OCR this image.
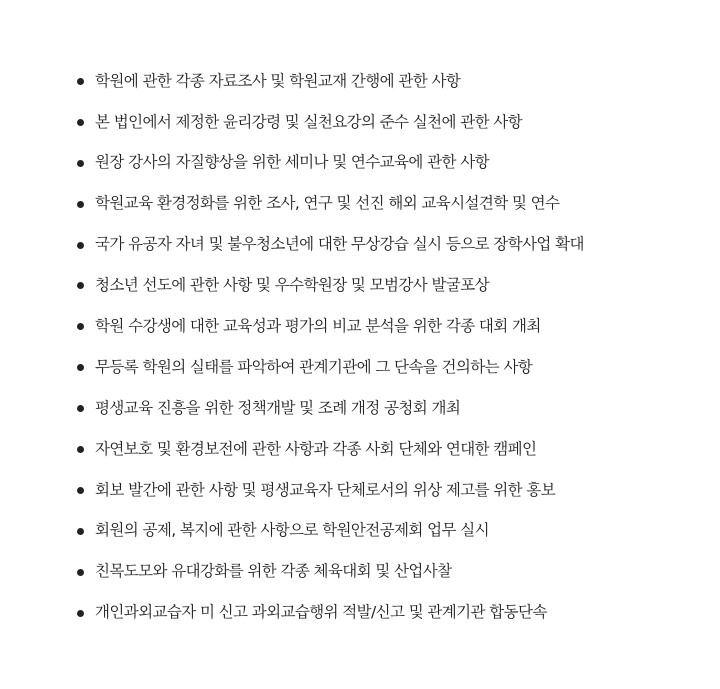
학원에 관한 각종 자료조사 및 학원교재 간행에 관한 사항
본 법인에서 제정한 윤리강령 및 실천요강의 준수 실천에 관한 사항
원장 강사의 자질향상을 위한 세미나 및 연수교육에 관한 사항
학원교육 환경정화를 위한 조사, 연구 및 선진 해외 교육시설견학 및 연수
국가 유공자 자녀 및 불우청소년에 대한 무상강습 실시 등으로 장학사업 확대
청소년 선도에 관한 사항 및 우수학원장 및 모범강사 발굴포상
학원 수강생에 대한 교육성과 평가의 비교 분석을 위한 각종 대회 개최
무등록 학원의 실태를 파악하여 관계기관에 그 단속을 건의하는 사항
평생교육 진흥을 위한 정책개발 및 조례 개정 공청회 개최
자연보호 및 환경보전에 관한 사항과 각종 사회 단체와 연대한 캠페인
회보 발간에 관한 사항 및 평생교육자 단체로서의 위상 제고를 위한 홍보
회원의 공제, 복지에 관한 사항으로 학원안전공제회 업무 실시
친목도모와 유대강화를 위한 각종 체육대회 및 산업사찰
개인과외교습자 미 신고 과외교습행위 적발/신고 및 관계기관 합동단속
